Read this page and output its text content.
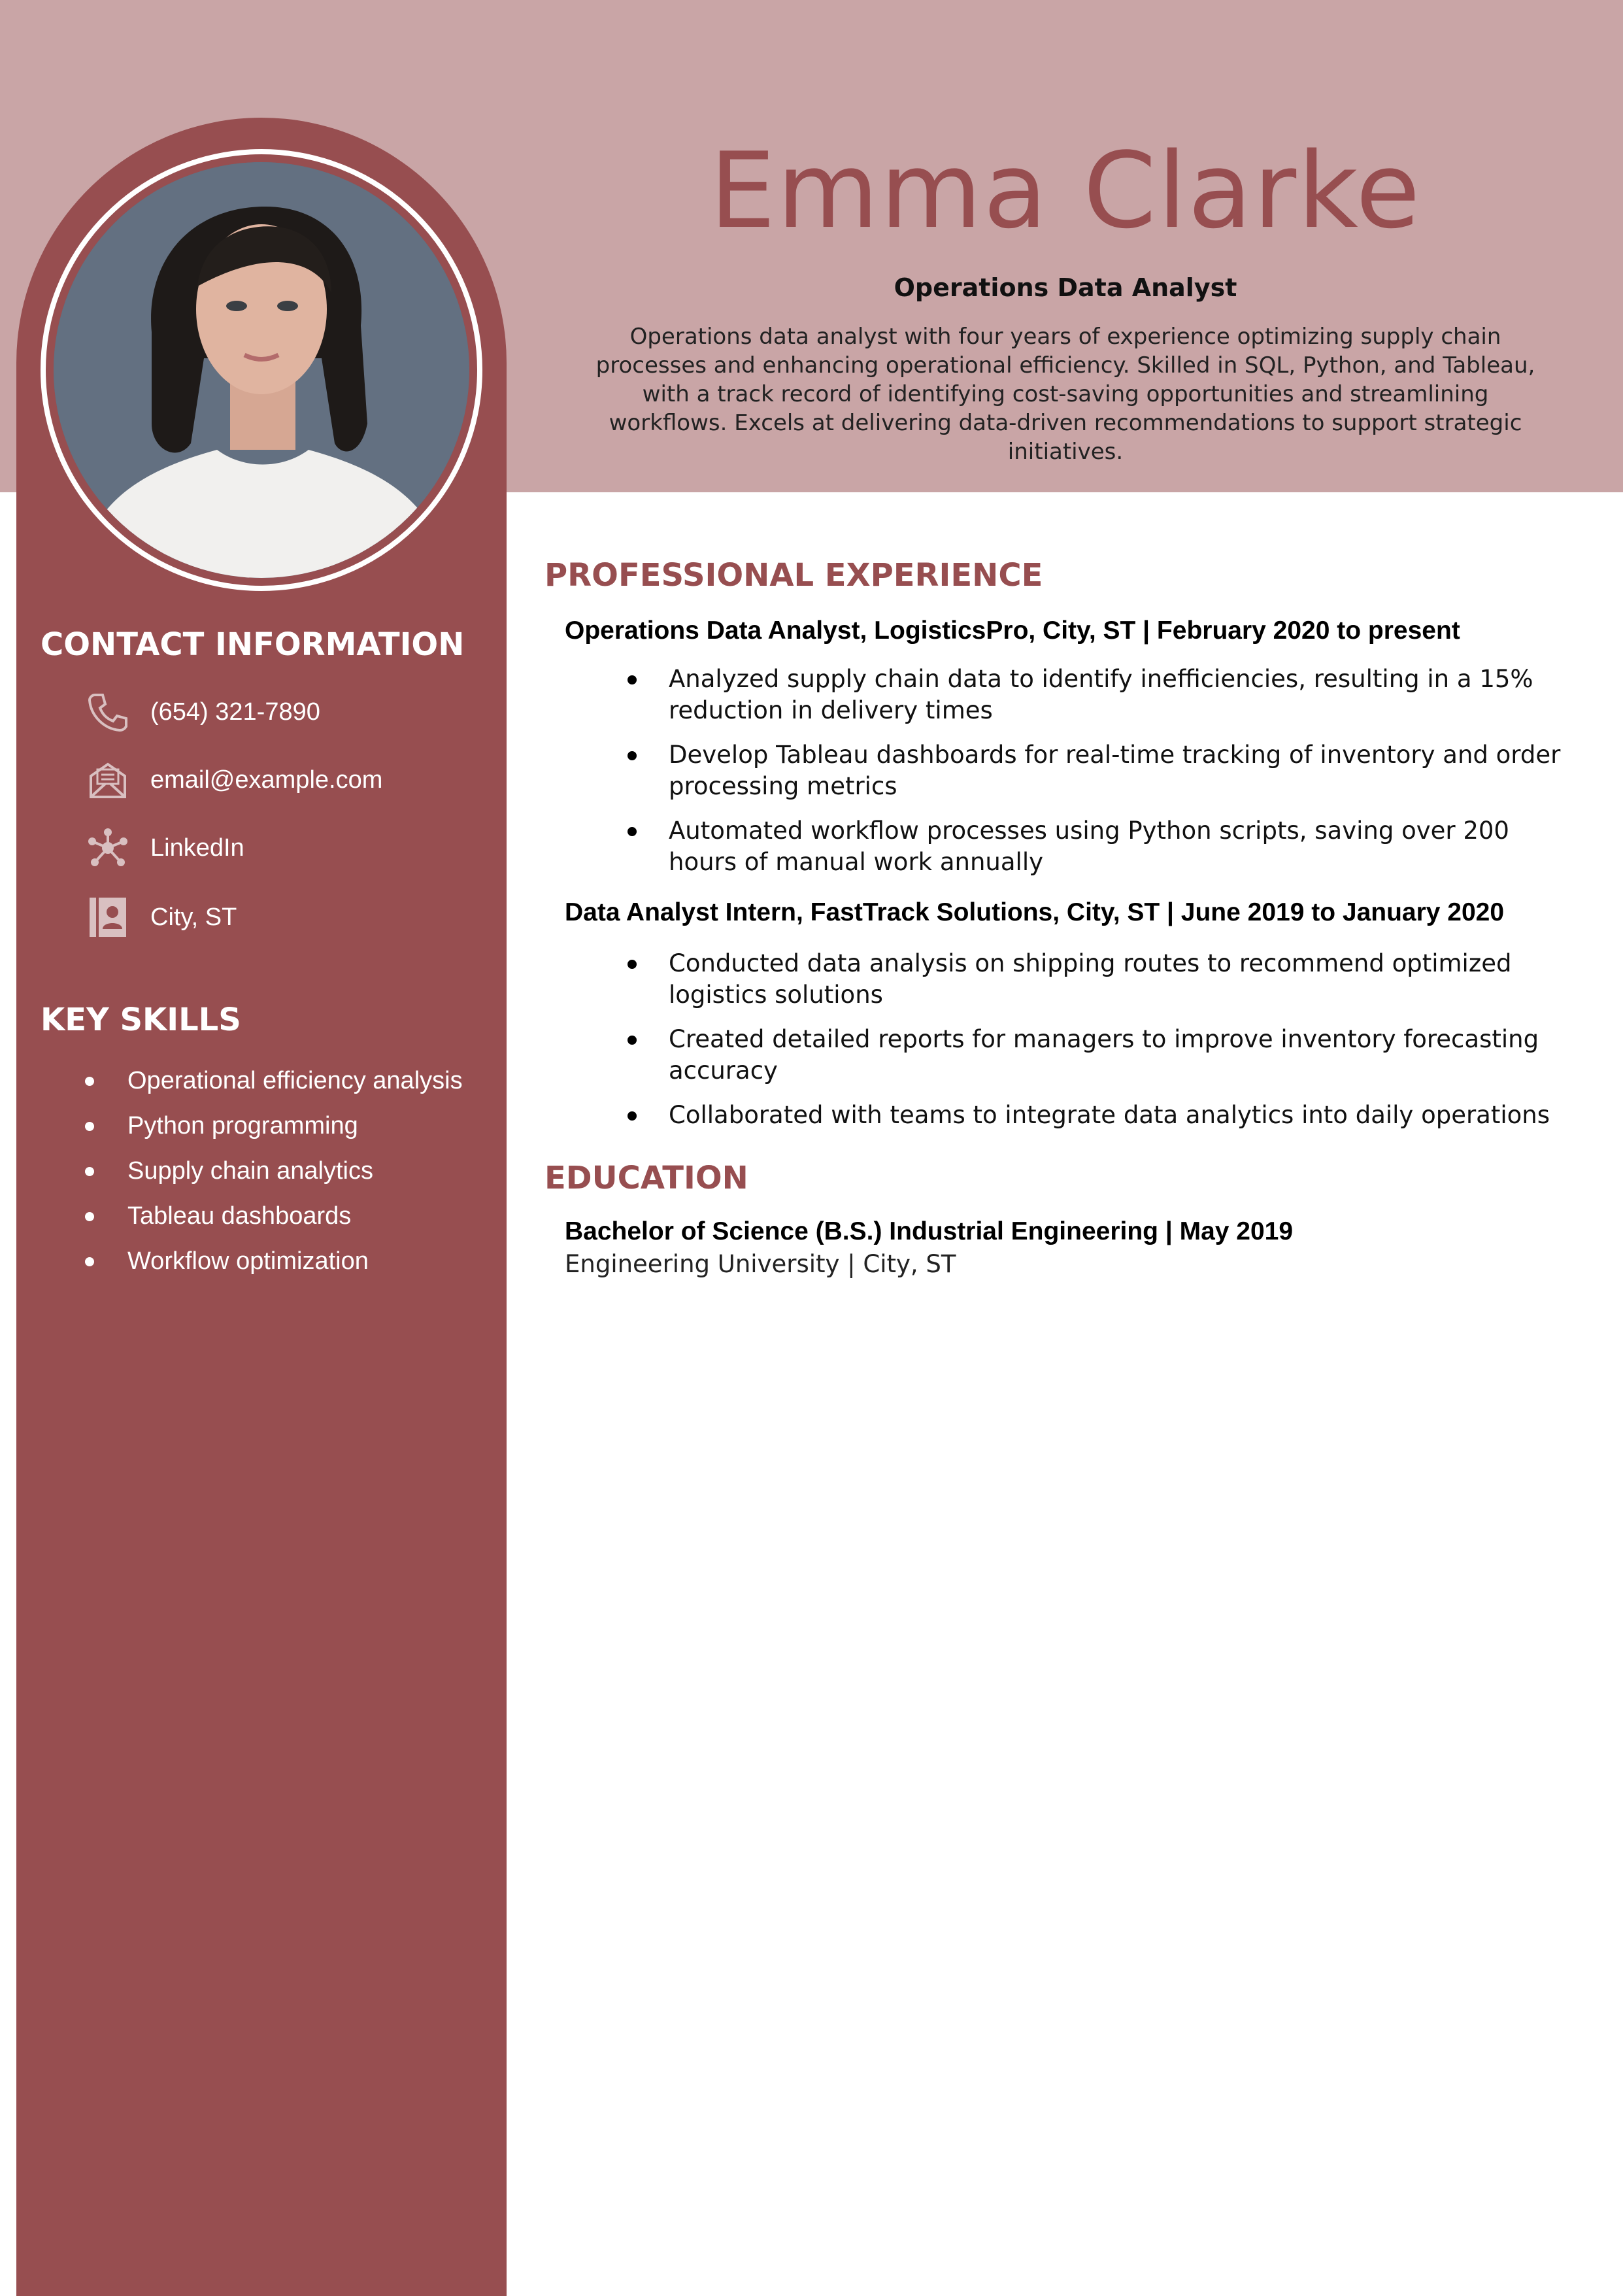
Emma Clarke
Operations Data Analyst
Operations data analyst with four years of experience optimizing supply chain processes and enhancing operational efficiency. Skilled in SQL, Python, and Tableau, with a track record of identifying cost-saving opportunities and streamlining workflows. Excels at delivering data-driven recommendations to support strategic initiatives.
CONTACT INFORMATION
(654) 321-7890
email@example.com
LinkedIn
City, ST
KEY SKILLS
Operational efficiency analysis
Python programming
Supply chain analytics
Tableau dashboards
Workflow optimization
PROFESSIONAL EXPERIENCE
Operations Data Analyst, LogisticsPro, City, ST | February 2020 to present
Analyzed supply chain data to identify inefficiencies, resulting in a 15% reduction in delivery times
Develop Tableau dashboards for real-time tracking of inventory and order processing metrics
Automated workflow processes using Python scripts, saving over 200 hours of manual work annually
Data Analyst Intern, FastTrack Solutions, City, ST | June 2019 to January 2020
Conducted data analysis on shipping routes to recommend optimized logistics solutions
Created detailed reports for managers to improve inventory forecasting accuracy
Collaborated with teams to integrate data analytics into daily operations
EDUCATION
Bachelor of Science (B.S.) Industrial Engineering | May 2019
Engineering University | City, ST
